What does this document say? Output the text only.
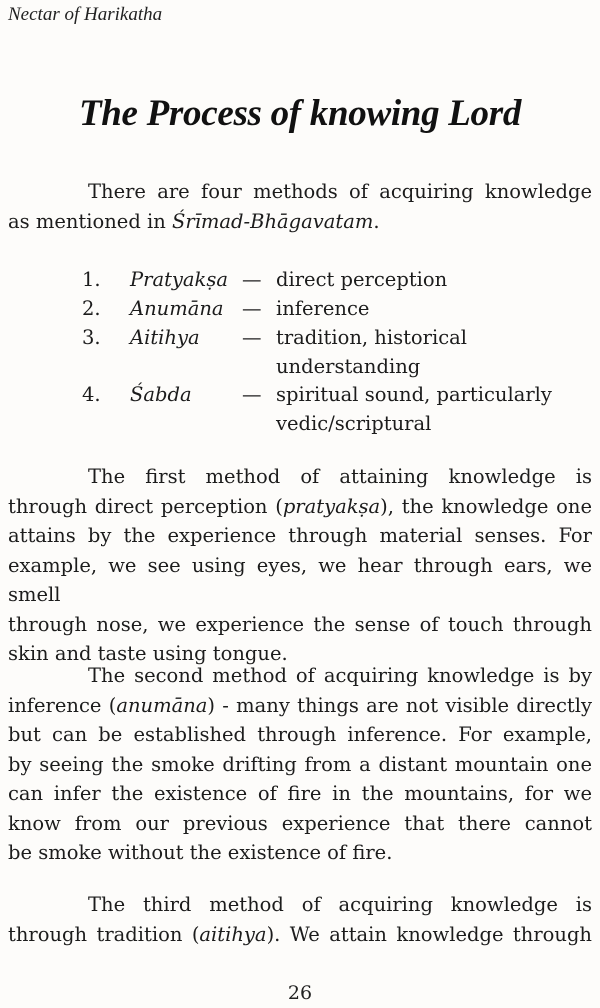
Nectar of Harikatha
The Process of knowing Lord

There are four methods of acquiring knowledge
as mentioned in Śrīmad-Bhāgavatam.

1.	Pratyakṣa — direct perception
2.	Anumāna — inference
3.	Aitihya — tradition, historical
understanding
4.	Śabda	— spiritual sound, particularly
vedic/scriptural

The first method of attaining knowledge is
through direct perception (pratyakṣa), the knowledge one
attains by the experience through material senses. For
example, we see using eyes, we hear through ears, we smell
through nose, we experience the sense of touch through
skin and taste using tongue.

The second method of acquiring knowledge is by
inference (anumāna) - many things are not visible directly
but can be established through inference. For example,
by seeing the smoke drifting from a distant mountain one
can infer the existence of fire in the mountains, for we
know from our previous experience that there cannot
be smoke without the existence of fire.

The third method of acquiring knowledge is
through tradition (aitihya). We attain knowledge through

26
